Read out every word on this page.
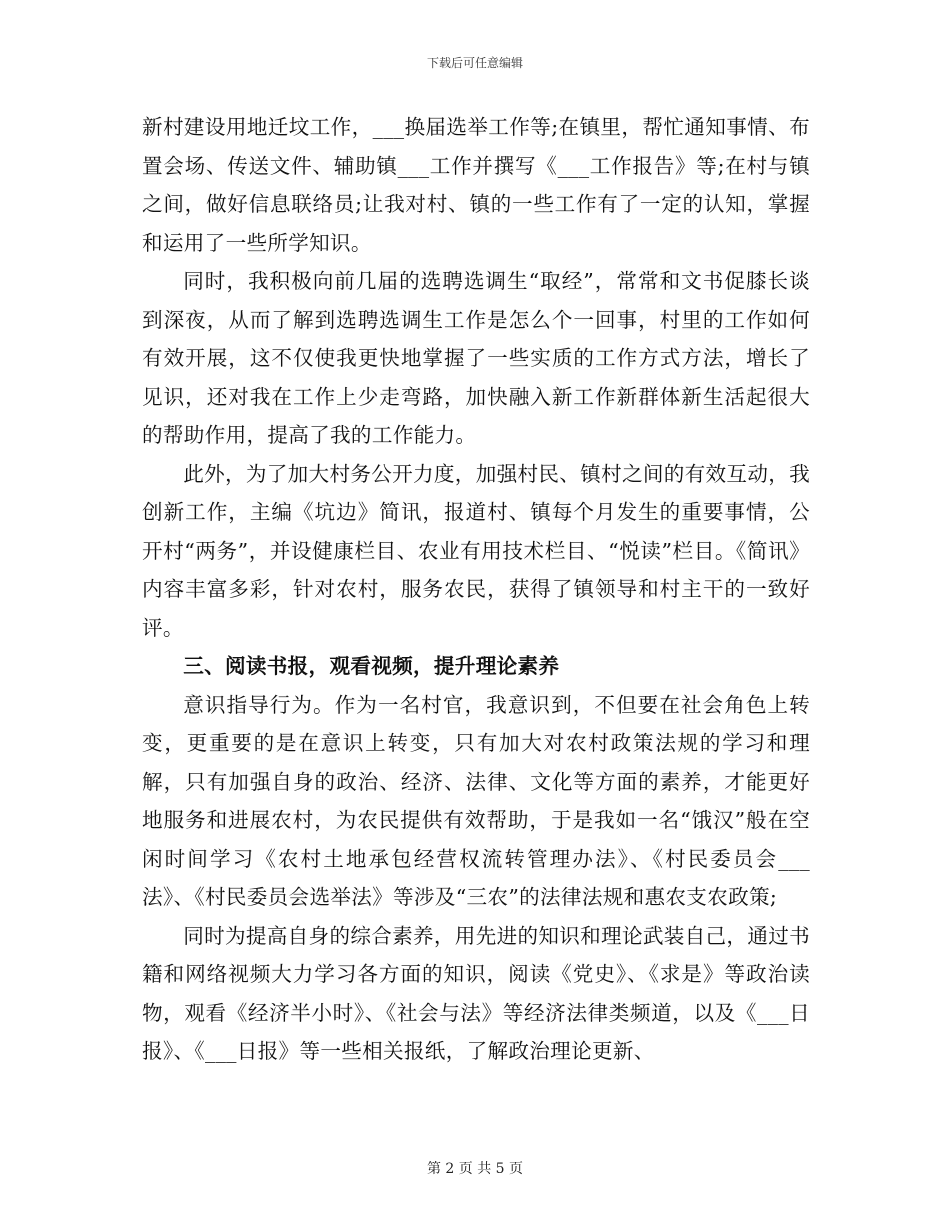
下载后可任意编辑

新村建设用地迁坟工作，___换届选举工作等;在镇里，帮忙通知事情、布置会场、传送文件、辅助镇___工作并撰写《___工作报告》等;在村与镇之间，做好信息联络员;让我对村、镇的一些工作有了一定的认知，掌握和运用了一些所学知识。

同时，我积极向前几届的选聘选调生“取经”，常常和文书促膝长谈到深夜，从而了解到选聘选调生工作是怎么个一回事，村里的工作如何有效开展，这不仅使我更快地掌握了一些实质的工作方式方法，增长了见识，还对我在工作上少走弯路，加快融入新工作新群体新生活起很大的帮助作用，提高了我的工作能力。

此外，为了加大村务公开力度，加强村民、镇村之间的有效互动，我创新工作，主编《坑边》简讯，报道村、镇每个月发生的重要事情，公开村“两务”，并设健康栏目、农业有用技术栏目、“悦读”栏目。《简讯》内容丰富多彩，针对农村，服务农民，获得了镇领导和村主干的一致好评。

三、阅读书报，观看视频，提升理论素养

意识指导行为。作为一名村官，我意识到，不但要在社会角色上转变，更重要的是在意识上转变，只有加大对农村政策法规的学习和理解，只有加强自身的政治、经济、法律、文化等方面的素养，才能更好地服务和进展农村，为农民提供有效帮助，于是我如一名“饿汉”般在空闲时间学习《农村土地承包经营权流转管理办法》、《村民委员会___法》、《村民委员会选举法》等涉及“三农”的法律法规和惠农支农政策;

同时为提高自身的综合素养，用先进的知识和理论武装自己，通过书籍和网络视频大力学习各方面的知识，阅读《党史》、《求是》等政治读物，观看《经济半小时》、《社会与法》等经济法律类频道，以及《___日报》、《___日报》等一些相关报纸，了解政治理论更新、

第 2 页 共 5 页
